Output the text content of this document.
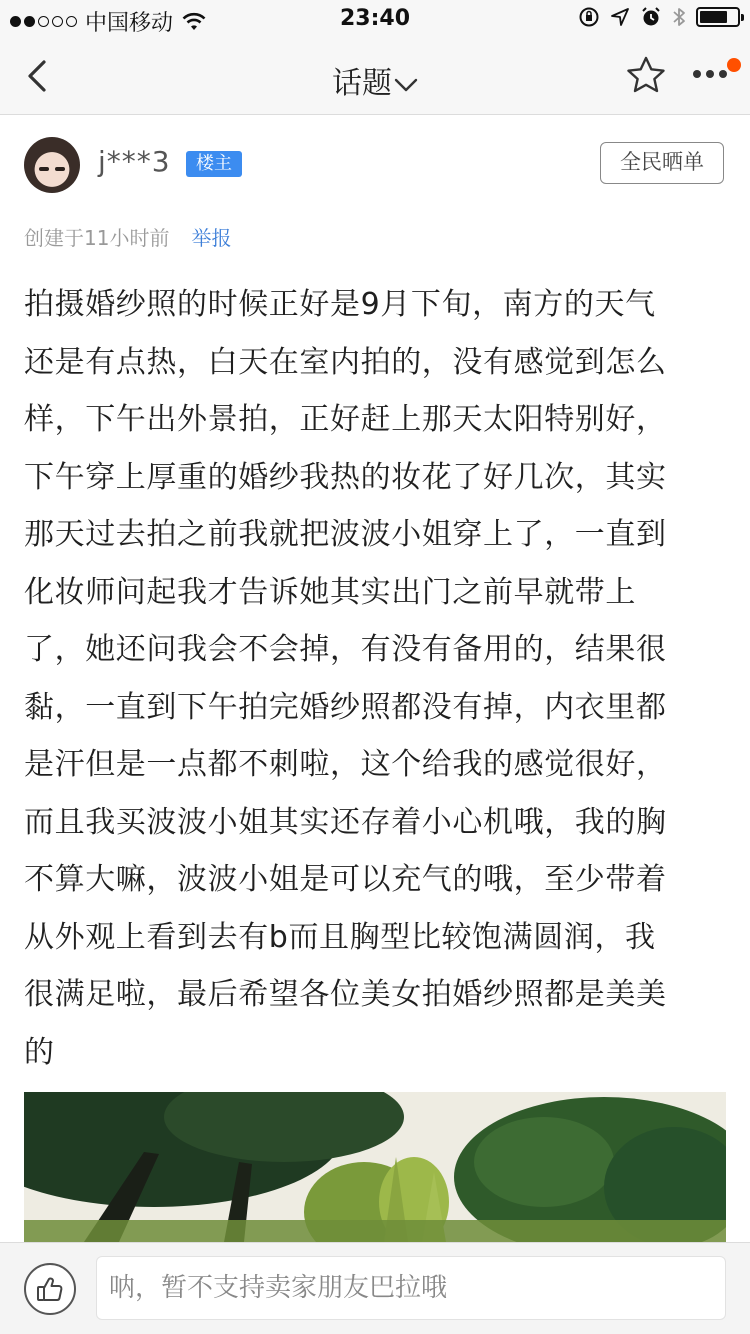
中国移动	23:40
话题
j***3	楼主	全民晒单
创建于11小时前 举报
拍摄婚纱照的时候正好是9月下旬，南方的天气
还是有点热，白天在室内拍的，没有感觉到怎么
样，下午出外景拍，正好赶上那天太阳特别好，
下午穿上厚重的婚纱我热的妆花了好几次，其实
那天过去拍之前我就把波波小姐穿上了，一直到
化妆师问起我才告诉她其实出门之前早就带上
了，她还问我会不会掉，有没有备用的，结果很
黏，一直到下午拍完婚纱照都没有掉，内衣里都
是汗但是一点都不刺啦，这个给我的感觉很好，
而且我买波波小姐其实还存着小心机哦，我的胸
不算大嘛，波波小姐是可以充气的哦，至少带着
从外观上看到去有b而且胸型比较饱满圆润，我
很满足啦，最后希望各位美女拍婚纱照都是美美
的
呐，暂不支持卖家朋友巴拉哦
